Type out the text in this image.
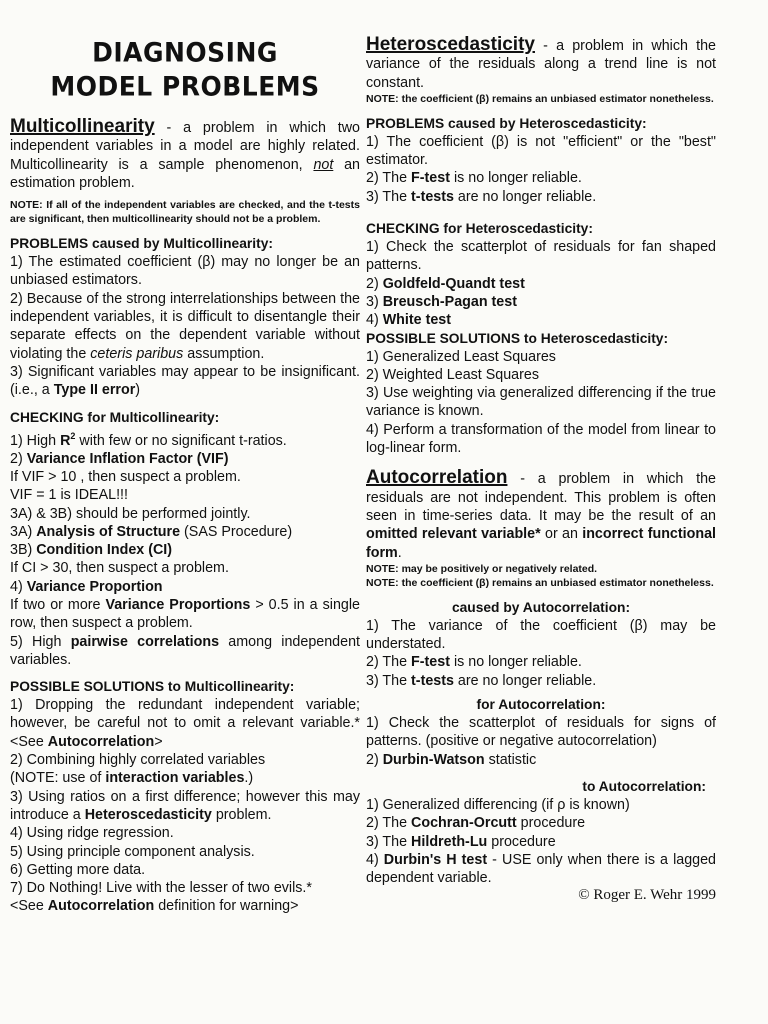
DIAGNOSING
MODEL PROBLEMS

Multicollinearity - a problem in which two independent variables in a model are highly related. Multicollinearity is a sample phenomenon, not an estimation problem.

NOTE: If all of the independent variables are checked, and the t-tests are significant, then multicollinearity should not be a problem.

PROBLEMS caused by Multicollinearity:

1) The estimated coefficient (β) may no longer be an unbiased estimators.

2) Because of the strong interrelationships between the independent variables, it is difficult to disentangle their separate effects on the dependent variable without violating the ceteris paribus assumption.

3) Significant variables may appear to be insignificant. (i.e., a Type II error)

CHECKING for Multicollinearity:

1) High $R^2$ with few or no significant t-ratios.

2) Variance Inflation Factor (VIF)

If VIF > 10 , then suspect a problem.

VIF = 1 is IDEAL!!!

3A) & 3B) should be performed jointly.

3A) Analysis of Structure (SAS Procedure)

3B) Condition Index (CI)

If CI > 30, then suspect a problem.

4) Variance Proportion

If two or more Variance Proportions > 0.5 in a single row, then suspect a problem.

5) High pairwise correlations among independent variables.

POSSIBLE SOLUTIONS to Multicollinearity:

1) Dropping the redundant independent variable; however, be careful not to omit a relevant variable.* <See Autocorrelation>

2) Combining highly correlated variables

(NOTE: use of interaction variables.)

3) Using ratios on a first difference; however this may introduce a Heteroscedasticity problem.

4) Using ridge regression.

5) Using principle component analysis.

6) Getting more data.

7) Do Nothing! Live with the lesser of two evils.*

<See Autocorrelation definition for warning>

Heteroscedasticity - a problem in which the variance of the residuals along a trend line is not constant.

NOTE: the coefficient (β) remains an unbiased estimator nonetheless.

PROBLEMS caused by Heteroscedasticity:

1) The coefficient (β) is not "efficient" or the "best" estimator.

2) The F-test is no longer reliable.

3) The t-tests are no longer reliable.

CHECKING for Heteroscedasticity:

1) Check the scatterplot of residuals for fan shaped patterns.

2) Goldfeld-Quandt test

3) Breusch-Pagan test

4) White test

POSSIBLE SOLUTIONS to Heteroscedasticity:

1) Generalized Least Squares

2) Weighted Least Squares

3) Use weighting via generalized differencing if the true variance is known.

4) Perform a transformation of the model from linear to log-linear form.

Autocorrelation - a problem in which the residuals are not independent. This problem is often seen in time-series data. It may be the result of an omitted relevant variable* or an incorrect functional form.

NOTE: may be positively or negatively related.

NOTE: the coefficient (β) remains an unbiased estimator nonetheless.

caused by Autocorrelation:

1) The variance of the coefficient (β) may be understated.

2) The F-test is no longer reliable.

3) The t-tests are no longer reliable.

for Autocorrelation:

1) Check the scatterplot of residuals for signs of patterns. (positive or negative autocorrelation)

2) Durbin-Watson statistic

to Autocorrelation:

1) Generalized differencing (if ρ is known)

2) The Cochran-Orcutt procedure

3) The Hildreth-Lu procedure

4) Durbin's H test - USE only when there is a lagged dependent variable.

© Roger E. Wehr 1999
